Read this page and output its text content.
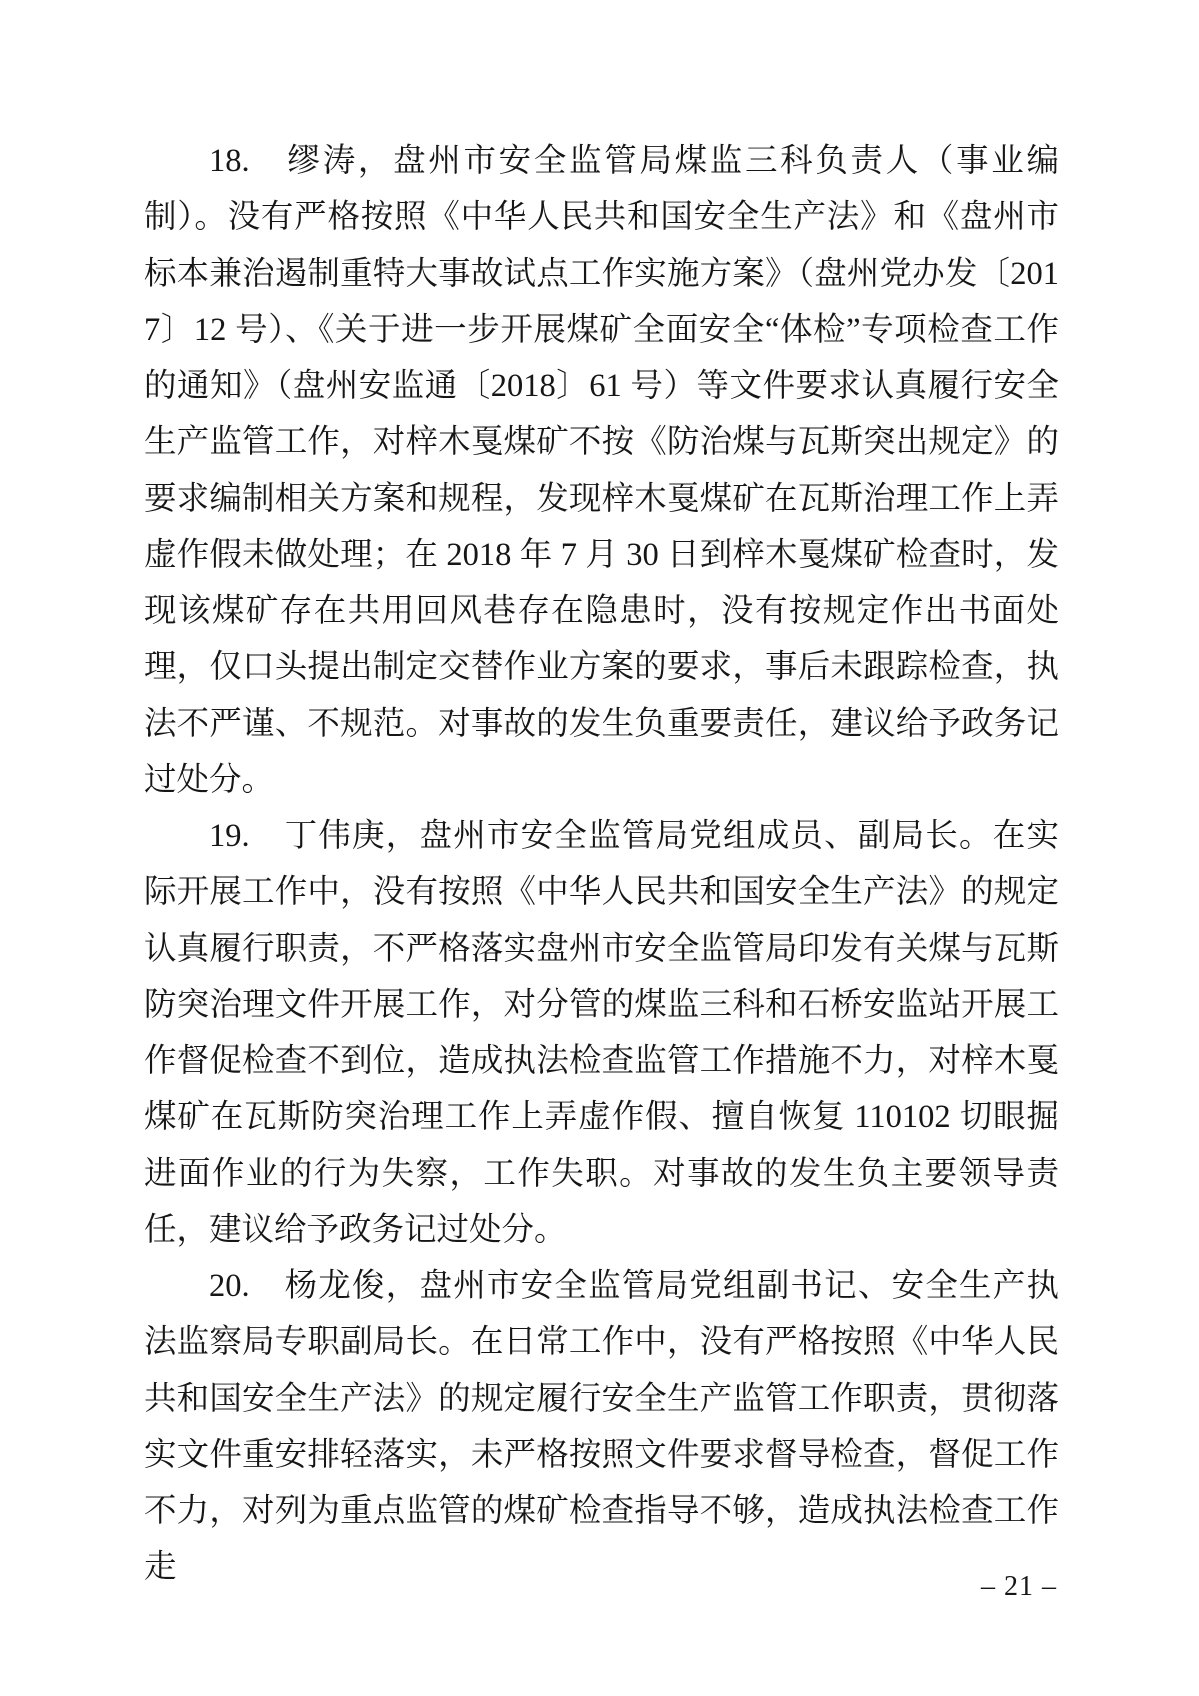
18.　缪涛，盘州市安全监管局煤监三科负责人（事业编制）。没有严格按照《中华人民共和国安全生产法》和《盘州市标本兼治遏制重特大事故试点工作实施方案》（盘州党办发〔2017〕12 号）、《关于进一步开展煤矿全面安全“体检”专项检查工作的通知》（盘州安监通〔2018〕61 号）等文件要求认真履行安全生产监管工作，对梓木戛煤矿不按《防治煤与瓦斯突出规定》的要求编制相关方案和规程，发现梓木戛煤矿在瓦斯治理工作上弄虚作假未做处理；在 2018 年 7 月 30 日到梓木戛煤矿检查时，发现该煤矿存在共用回风巷存在隐患时，没有按规定作出书面处理，仅口头提出制定交替作业方案的要求，事后未跟踪检查，执法不严谨、不规范。对事故的发生负重要责任，建议给予政务记过处分。

19.　丁伟庚，盘州市安全监管局党组成员、副局长。在实际开展工作中，没有按照《中华人民共和国安全生产法》的规定认真履行职责，不严格落实盘州市安全监管局印发有关煤与瓦斯防突治理文件开展工作，对分管的煤监三科和石桥安监站开展工作督促检查不到位，造成执法检查监管工作措施不力，对梓木戛煤矿在瓦斯防突治理工作上弄虚作假、擅自恢复 110102 切眼掘进面作业的行为失察，工作失职。对事故的发生负主要领导责任，建议给予政务记过处分。

20.　杨龙俊，盘州市安全监管局党组副书记、安全生产执法监察局专职副局长。在日常工作中，没有严格按照《中华人民共和国安全生产法》的规定履行安全生产监管工作职责，贯彻落实文件重安排轻落实，未严格按照文件要求督导检查，督促工作不力，对列为重点监管的煤矿检查指导不够，造成执法检查工作走

– 21 –
